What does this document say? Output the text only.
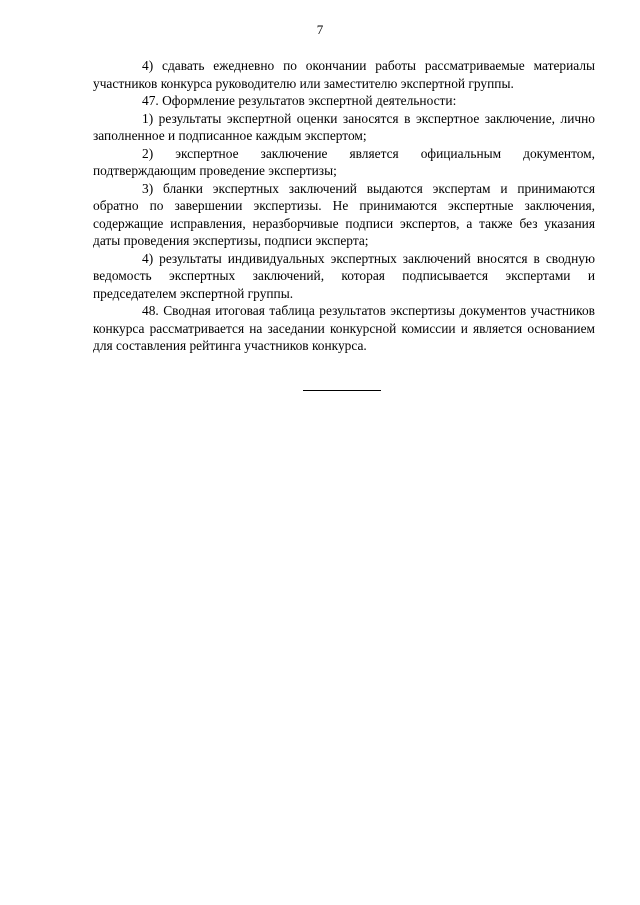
7

4) сдавать ежедневно по окончании работы рассматриваемые материалы участников конкурса руководителю или заместителю экспертной группы.

47. Оформление результатов экспертной деятельности:

1) результаты экспертной оценки заносятся в экспертное заключение, лично заполненное и подписанное каждым экспертом;

2) экспертное заключение является официальным документом, подтверждающим проведение экспертизы;

3) бланки экспертных заключений выдаются экспертам и принимаются обратно по завершении экспертизы. Не принимаются экспертные заключения, содержащие исправления, неразборчивые подписи экспертов, а также без указания даты проведения экспертизы, подписи эксперта;

4) результаты индивидуальных экспертных заключений вносятся в сводную ведомость экспертных заключений, которая подписывается экспертами и председателем экспертной группы.

48. Сводная итоговая таблица результатов экспертизы документов участников конкурса рассматривается на заседании конкурсной комиссии и является основанием для составления рейтинга участников конкурса.
